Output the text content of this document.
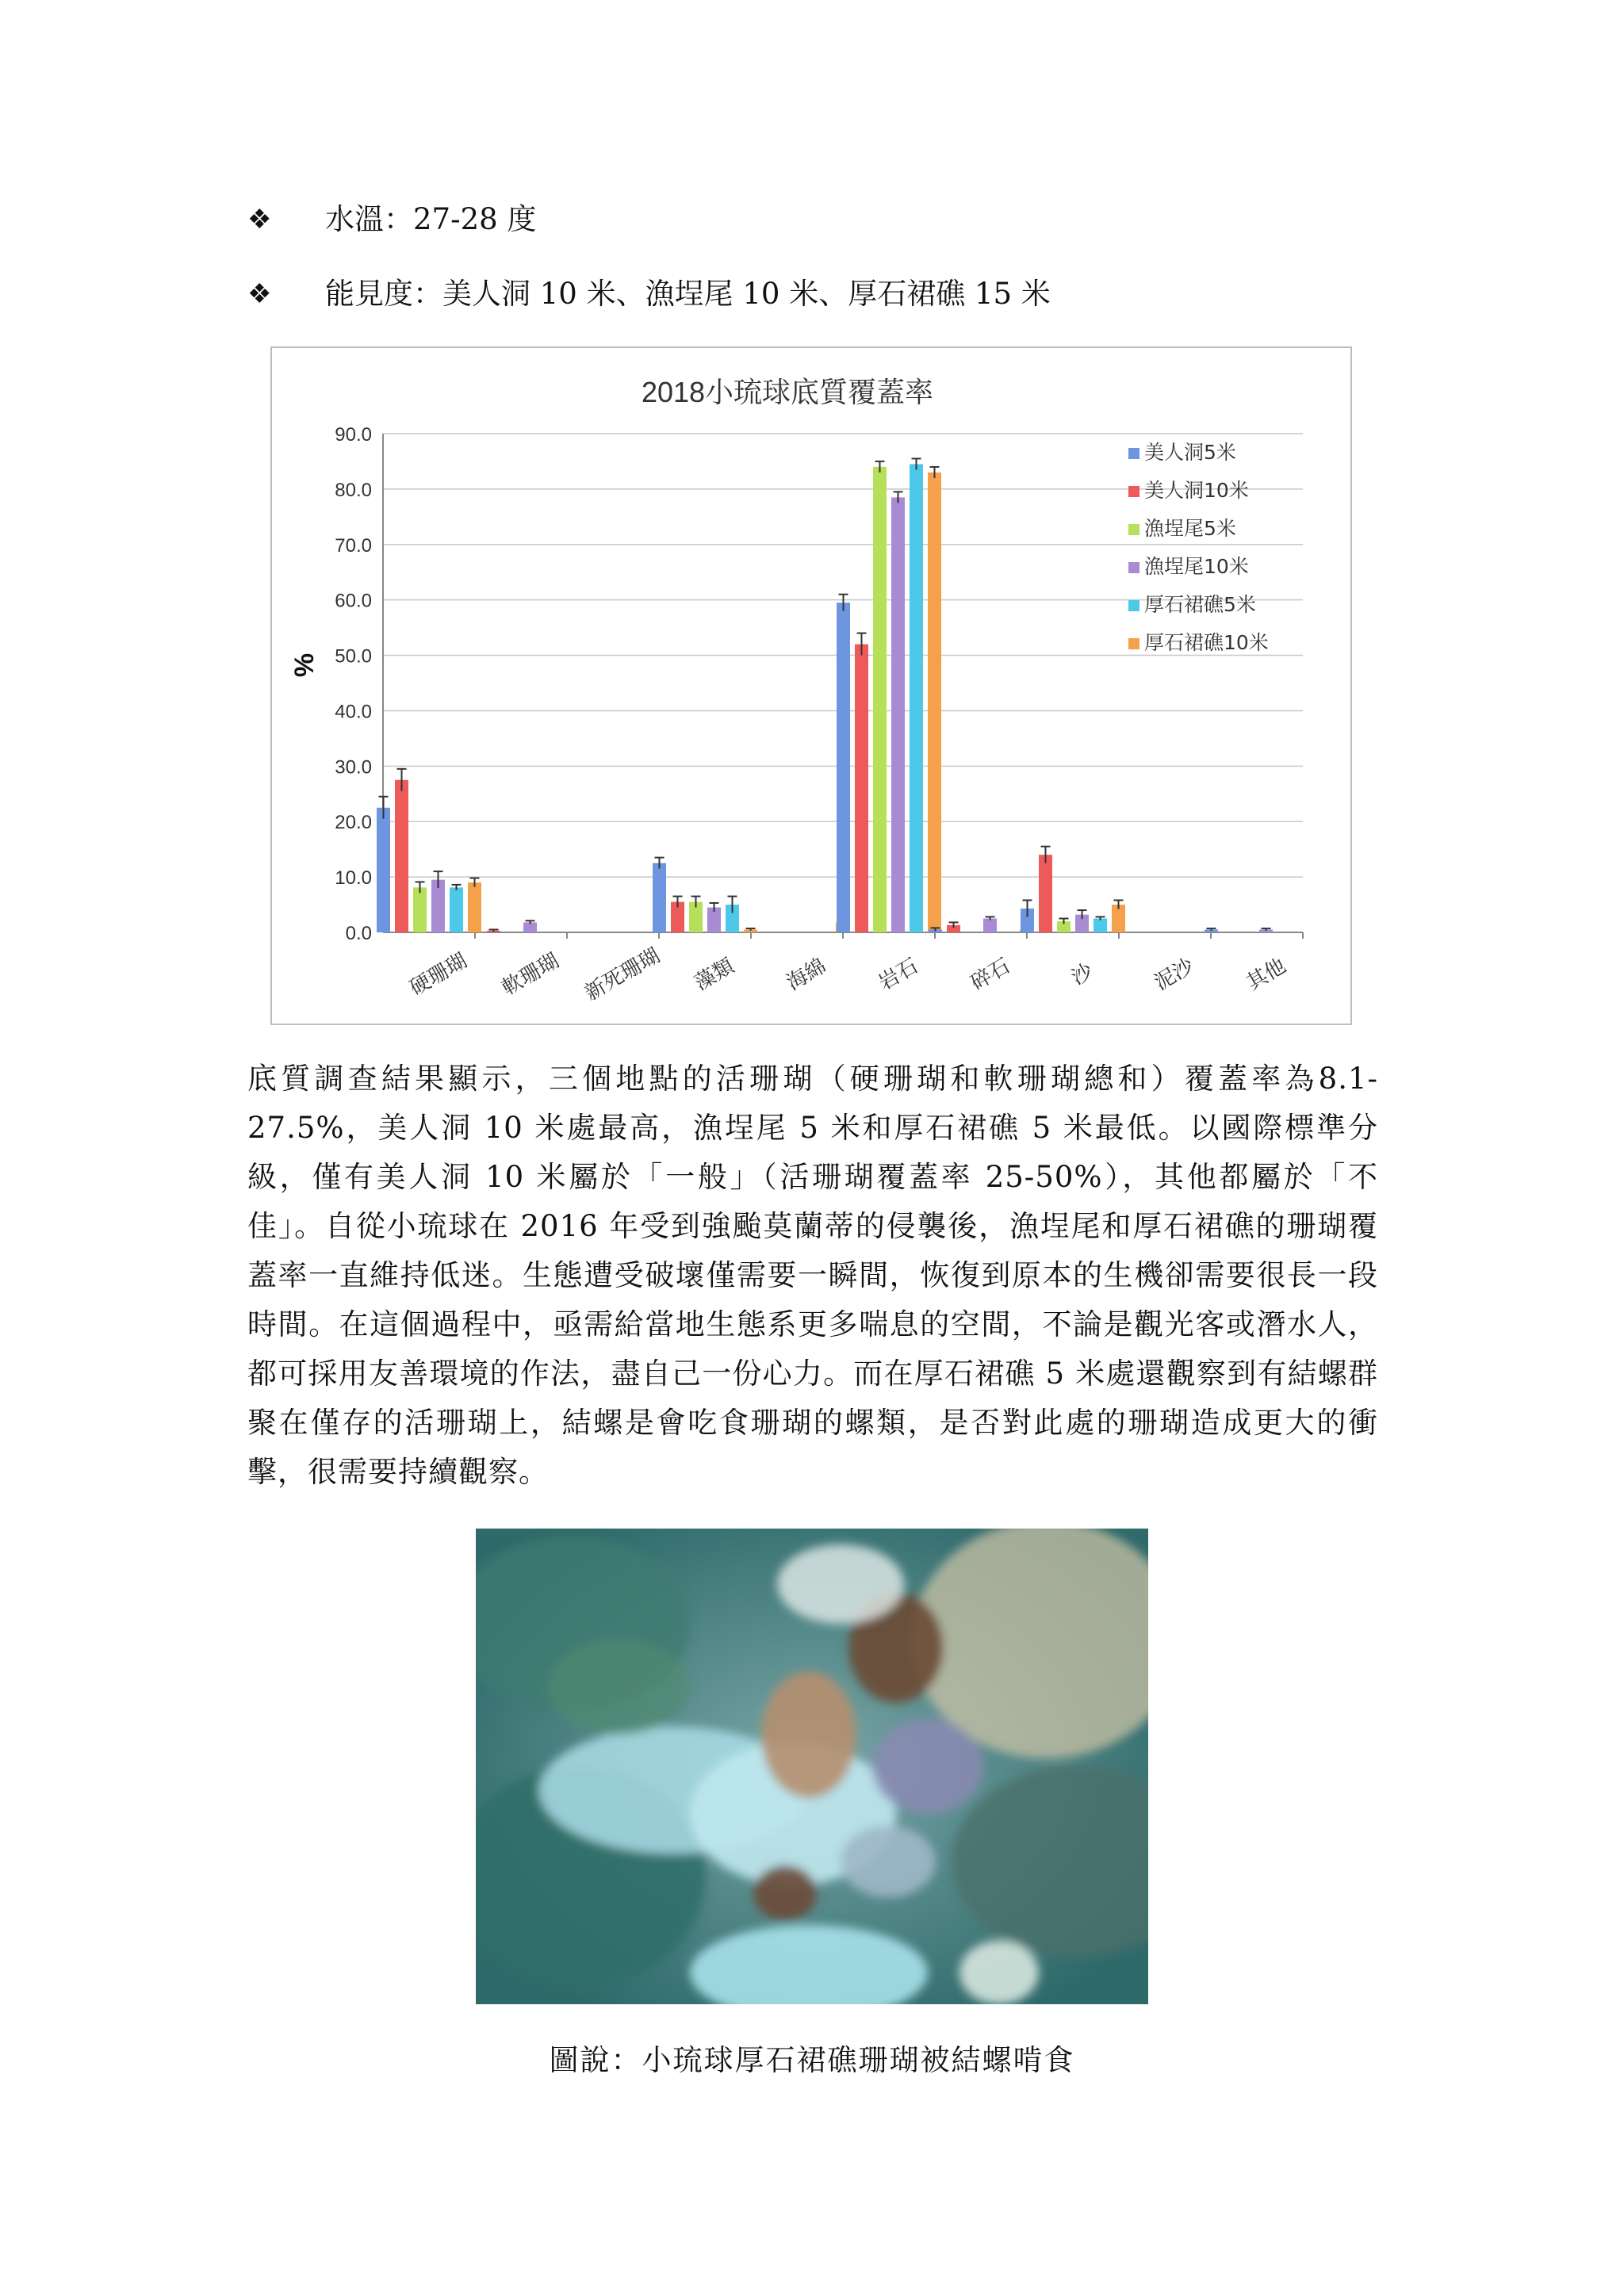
❖ 水溫：27-28 度
❖ 能見度：美人洞 10 米、漁埕尾 10 米、厚石裙礁 15 米
2018小琉球底質覆蓋率
%
0.0
10.0
20.0
30.0
40.0
50.0
60.0
70.0
80.0
90.0
硬珊瑚 軟珊瑚 新死珊瑚 藻類 海綿 岩石 碎石	沙	泥沙 其他
美人洞5米
美人洞10米
漁埕尾5米
漁埕尾10米
厚石裙礁5米
厚石裙礁10米
底質調查結果顯示，三個地點的活珊瑚（硬珊瑚和軟珊瑚總和）覆蓋率為8.1-27.5%，美人洞 10 米處最高，漁埕尾 5 米和厚石裙礁 5 米最低。以國際標準分級，僅有美人洞 10 米屬於「一般」（活珊瑚覆蓋率 25-50%），其他都屬於「不佳」。自從小琉球在 2016 年受到強颱莫蘭蒂的侵襲後，漁埕尾和厚石裙礁的珊瑚覆蓋率一直維持低迷。生態遭受破壞僅需要一瞬間，恢復到原本的生機卻需要很長一段時間。在這個過程中，亟需給當地生態系更多喘息的空間，不論是觀光客或潛水人，都可採用友善環境的作法，盡自己一份心力。而在厚石裙礁 5 米處還觀察到有結螺群聚在僅存的活珊瑚上，結螺是會吃食珊瑚的螺類，是否對此處的珊瑚造成更大的衝擊，很需要持續觀察。
圖說：小琉球厚石裙礁珊瑚被結螺啃食
